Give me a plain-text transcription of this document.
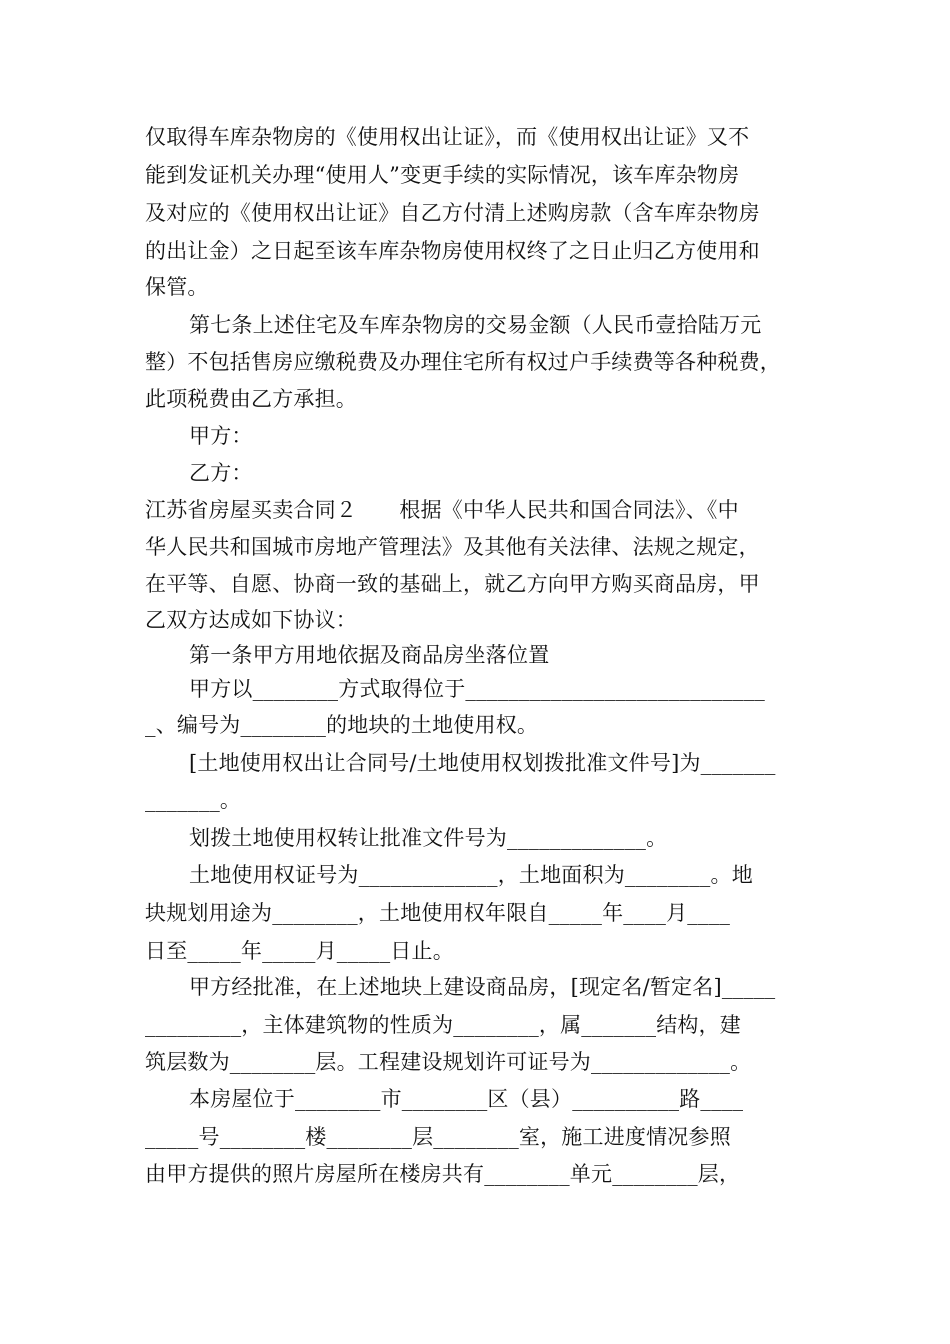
仅取得车库杂物房的《使用权出让证》，而《使用权出让证》又不
能到发证机关办理“使用人”变更手续的实际情况，该车库杂物房
及对应的《使用权出让证》自乙方付清上述购房款（含车库杂物房
的出让金）之日起至该车库杂物房使用权终了之日止归乙方使用和
保管。
第七条上述住宅及车库杂物房的交易金额（人民币壹拾陆万元
整）不包括售房应缴税费及办理住宅所有权过户手续费等各种税费，
此项税费由乙方承担。
甲方：
乙方：
江苏省房屋买卖合同２　　根据《中华人民共和国合同法》、《中
华人民共和国城市房地产管理法》及其他有关法律、法规之规定，
在平等、自愿、协商一致的基础上，就乙方向甲方购买商品房，甲
乙双方达成如下协议：
第一条甲方用地依据及商品房坐落位置
甲方以________方式取得位于____________________________
_、编号为________的地块的土地使用权。
[土地使用权出让合同号/土地使用权划拨批准文件号]为_______
_______。
划拨土地使用权转让批准文件号为_____________。
土地使用权证号为_____________，土地面积为________。地
块规划用途为________，土地使用权年限自_____年____月____
日至_____年_____月_____日止。
甲方经批准，在上述地块上建设商品房，[现定名/暂定名]_____
_________，主体建筑物的性质为________，属_______结构，建
筑层数为________层。工程建设规划许可证号为_____________。
本房屋位于________市________区（县）__________路____
_____号________楼________层________室，施工进度情况参照
由甲方提供的照片房屋所在楼房共有________单元________层，
